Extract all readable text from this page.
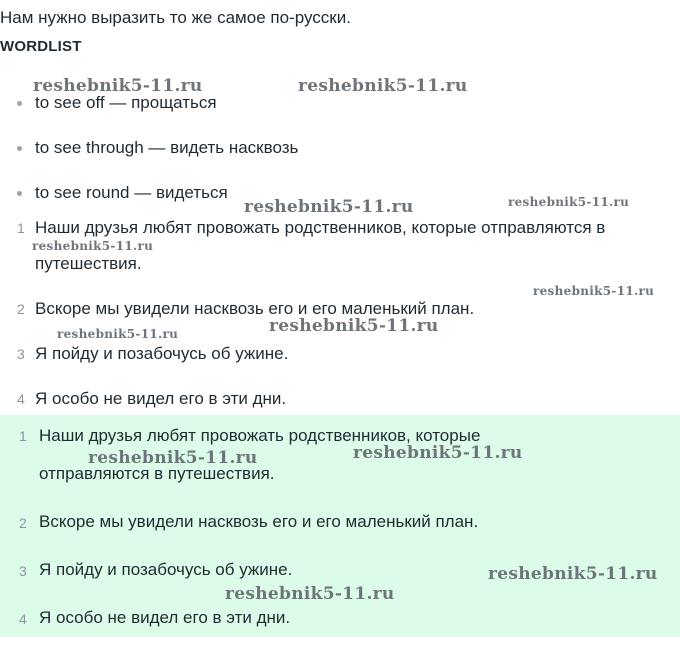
Нам нужно выразить то же самое по-русски.
WORDLIST
to see off — прощаться
to see through — видеть насквозь
to see round — видеться
1 Наши друзья любят провожать родственников, которые отправляются в
путешествия.
2 Вскоре мы увидели насквозь его и его маленький план.
3 Я пойду и позабочусь об ужине.
4 Я особо не видел его в эти дни.
1 Наши друзья любят провожать родственников, которые
отправляются в путешествия.
2 Вскоре мы увидели насквозь его и его маленький план.
3 Я пойду и позабочусь об ужине.
4 Я особо не видел его в эти дни.
reshebnik5-11.ru	reshebnik5-11.ru
reshebnik5-11.ru	reshebnik5-11.ru
reshebnik5-11.ru
reshebnik5-11.ru
reshebnik5-11.ru
reshebnik5-11.ru
reshebnik5-11.ru	reshebnik5-11.ru
reshebnik5-11.ru
reshebnik5-11.ru
